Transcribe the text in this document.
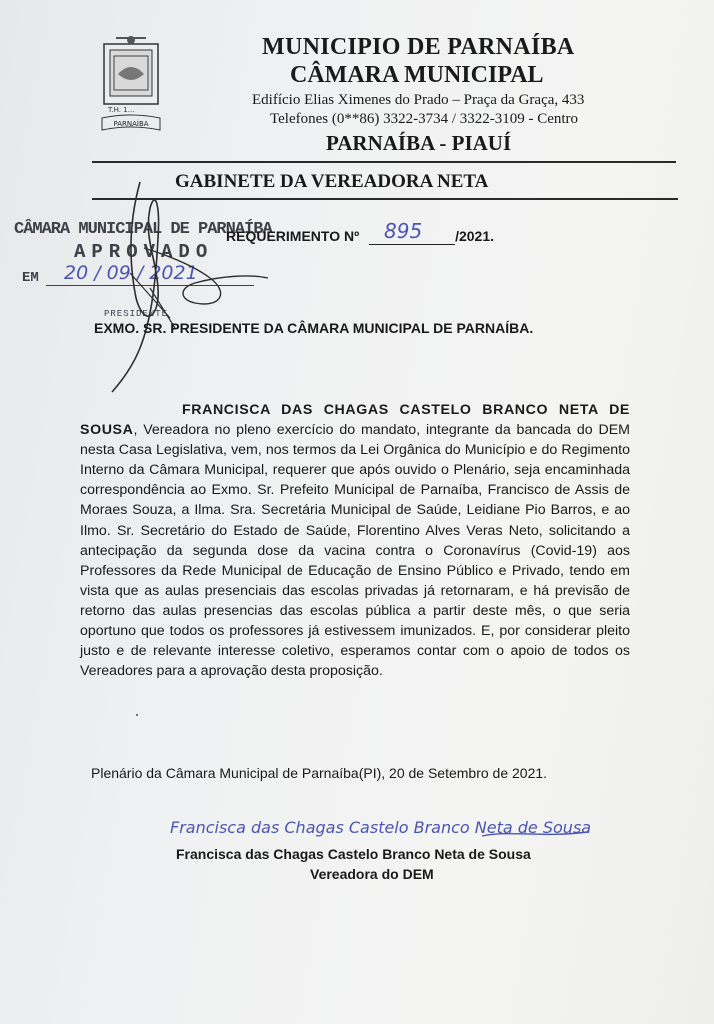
T.H. 1...
PARNAÍBA
MUNICIPIO DE PARNAÍBA
CÂMARA MUNICIPAL
Edifício Elias Ximenes do Prado – Praça da Graça, 433
Telefones (0**86) 3322-3734 / 3322-3109 - Centro
PARNAÍBA - PIAUÍ
GABINETE DA VEREADORA NETA
CÂMARA MUNICIPAL DE PARNAÍBA
APROVADO
EM 20 / 09 / 2021
PRESIDENTE
REQUERIMENTO Nº	/2021.
895
EXMO. SR. PRESIDENTE DA CÂMARA MUNICIPAL DE PARNAÍBA.

FRANCISCA DAS CHAGAS CASTELO BRANCO NETA DE SOUSA, Vereadora no pleno exercício do mandato, integrante da bancada do DEM nesta Casa Legislativa, vem, nos termos da Lei Orgânica do Município e do Regimento Interno da Câmara Municipal, requerer que após ouvido o Plenário, seja encaminhada correspondência ao Exmo. Sr. Prefeito Municipal de Parnaíba, Francisco de Assis de Moraes Souza, a Ilma. Sra. Secretária Municipal de Saúde, Leidiane Pio Barros, e ao Ilmo. Sr. Secretário do Estado de Saúde, Florentino Alves Veras Neto, solicitando a antecipação da segunda dose da vacina contra o Coronavírus (Covid-19) aos Professores da Rede Municipal de Educação de Ensino Público e Privado, tendo em vista que as aulas presenciais das escolas privadas já retornaram, e há previsão de retorno das aulas presencias das escolas pública a partir deste mês, o que seria oportuno que todos os professores já estivessem imunizados. E, por considerar pleito justo e de relevante interesse coletivo, esperamos contar com o apoio de todos os Vereadores para a aprovação desta proposição.

Plenário da Câmara Municipal de Parnaíba(PI), 20 de Setembro de 2021.
Francisca das Chagas Castelo Branco Neta de Sousa
Francisca das Chagas Castelo Branco Neta de Sousa
Vereadora do DEM
